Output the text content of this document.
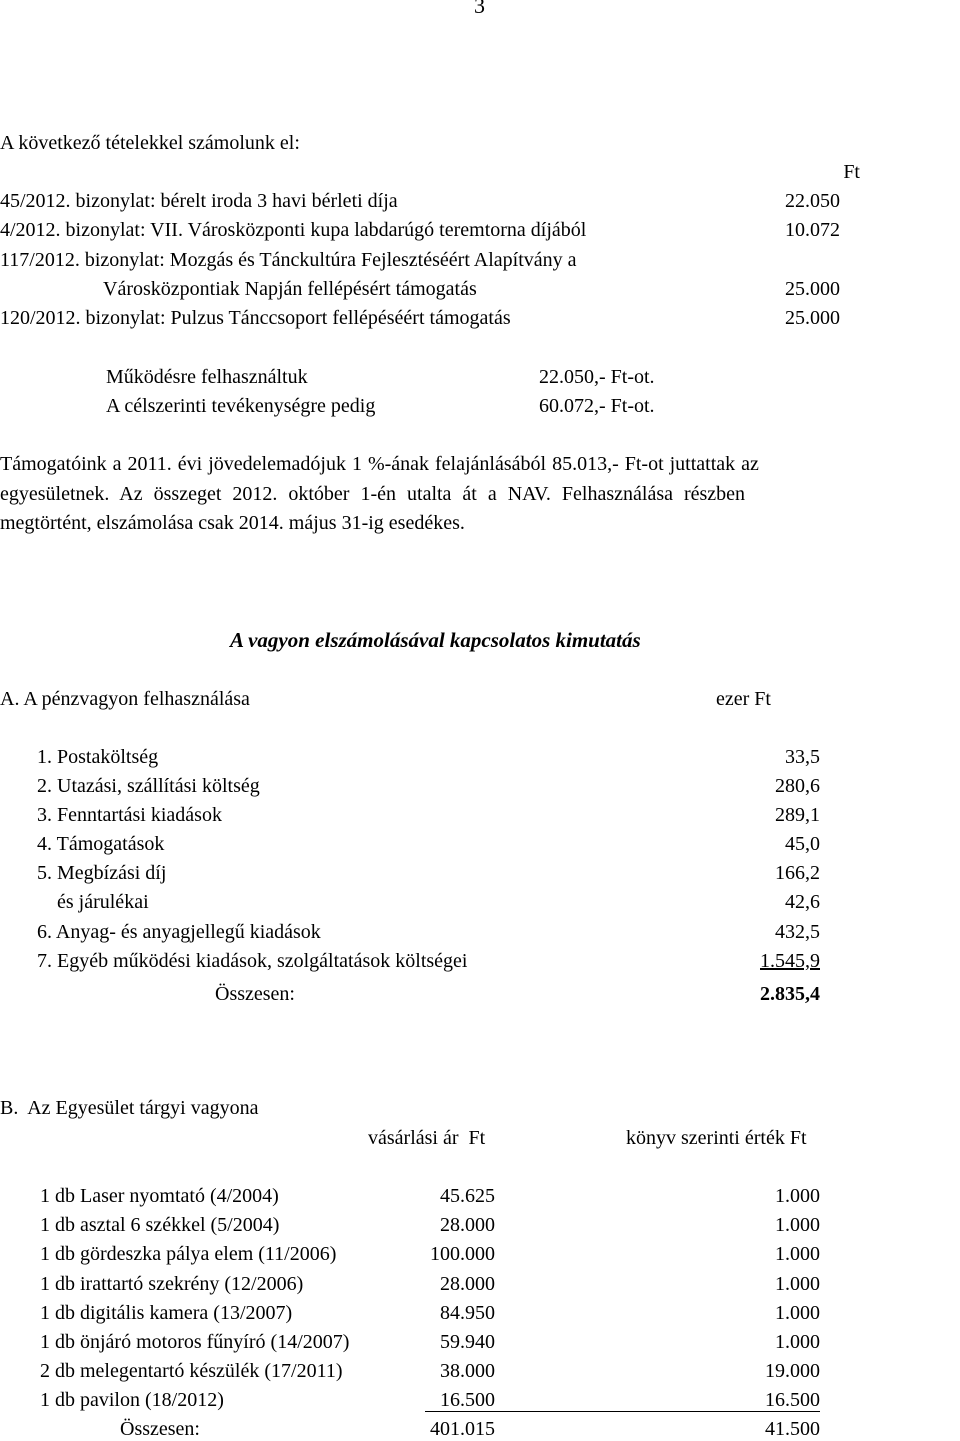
3
A következő tételekkel számolunk el:
Ft
45/2012. bizonylat: bérelt iroda 3 havi bérleti díja	22.050
4/2012. bizonylat: VII. Városközponti kupa labdarúgó teremtorna díjából	10.072
117/2012. bizonylat: Mozgás és Tánckultúra Fejlesztéséért Alapítvány a
Városközpontiak Napján fellépésért támogatás	25.000
120/2012. bizonylat: Pulzus Tánccsoport fellépéséért támogatás	25.000
Működésre felhasználtuk	22.050,- Ft-ot.
A célszerinti tevékenységre pedig	60.072,- Ft-ot.
Támogatóink a 2011. évi jövedelemadójuk 1 %-ának felajánlásából 85.013,- Ft-ot juttattak az
egyesületnek. Az összeget 2012. október 1-én utalta át a NAV. Felhasználása részben
megtörtént, elszámolása csak 2014. május 31-ig esedékes.
A vagyon elszámolásával kapcsolatos kimutatás
A. A pénzvagyon felhasználása	ezer Ft
1. Postaköltség	33,5
2. Utazási, szállítási költség	280,6
3. Fenntartási kiadások	289,1
4. Támogatások	45,0
5. Megbízási díj	166,2
és járulékai	42,6
6. Anyag- és anyagjellegű kiadások	432,5
7. Egyéb működési kiadások, szolgáltatások költségei	1.545,9
Összesen:	2.835,4
B.  Az Egyesület tárgyi vagyona
vásárlási ár  Ft	könyv szerinti érték Ft
1 db Laser nyomtató (4/2004)	45.625	1.000
1 db asztal 6 székkel (5/2004)	28.000	1.000
1 db gördeszka pálya elem (11/2006)	100.000	1.000
1 db irattartó szekrény (12/2006)	28.000	1.000
1 db digitális kamera (13/2007)	84.950	1.000
1 db önjáró motoros fűnyíró (14/2007)	59.940	1.000
2 db melegentartó készülék (17/2011)	38.000	19.000
1 db pavilon (18/2012)	16.500	16.500
Összesen:	401.015	41.500
